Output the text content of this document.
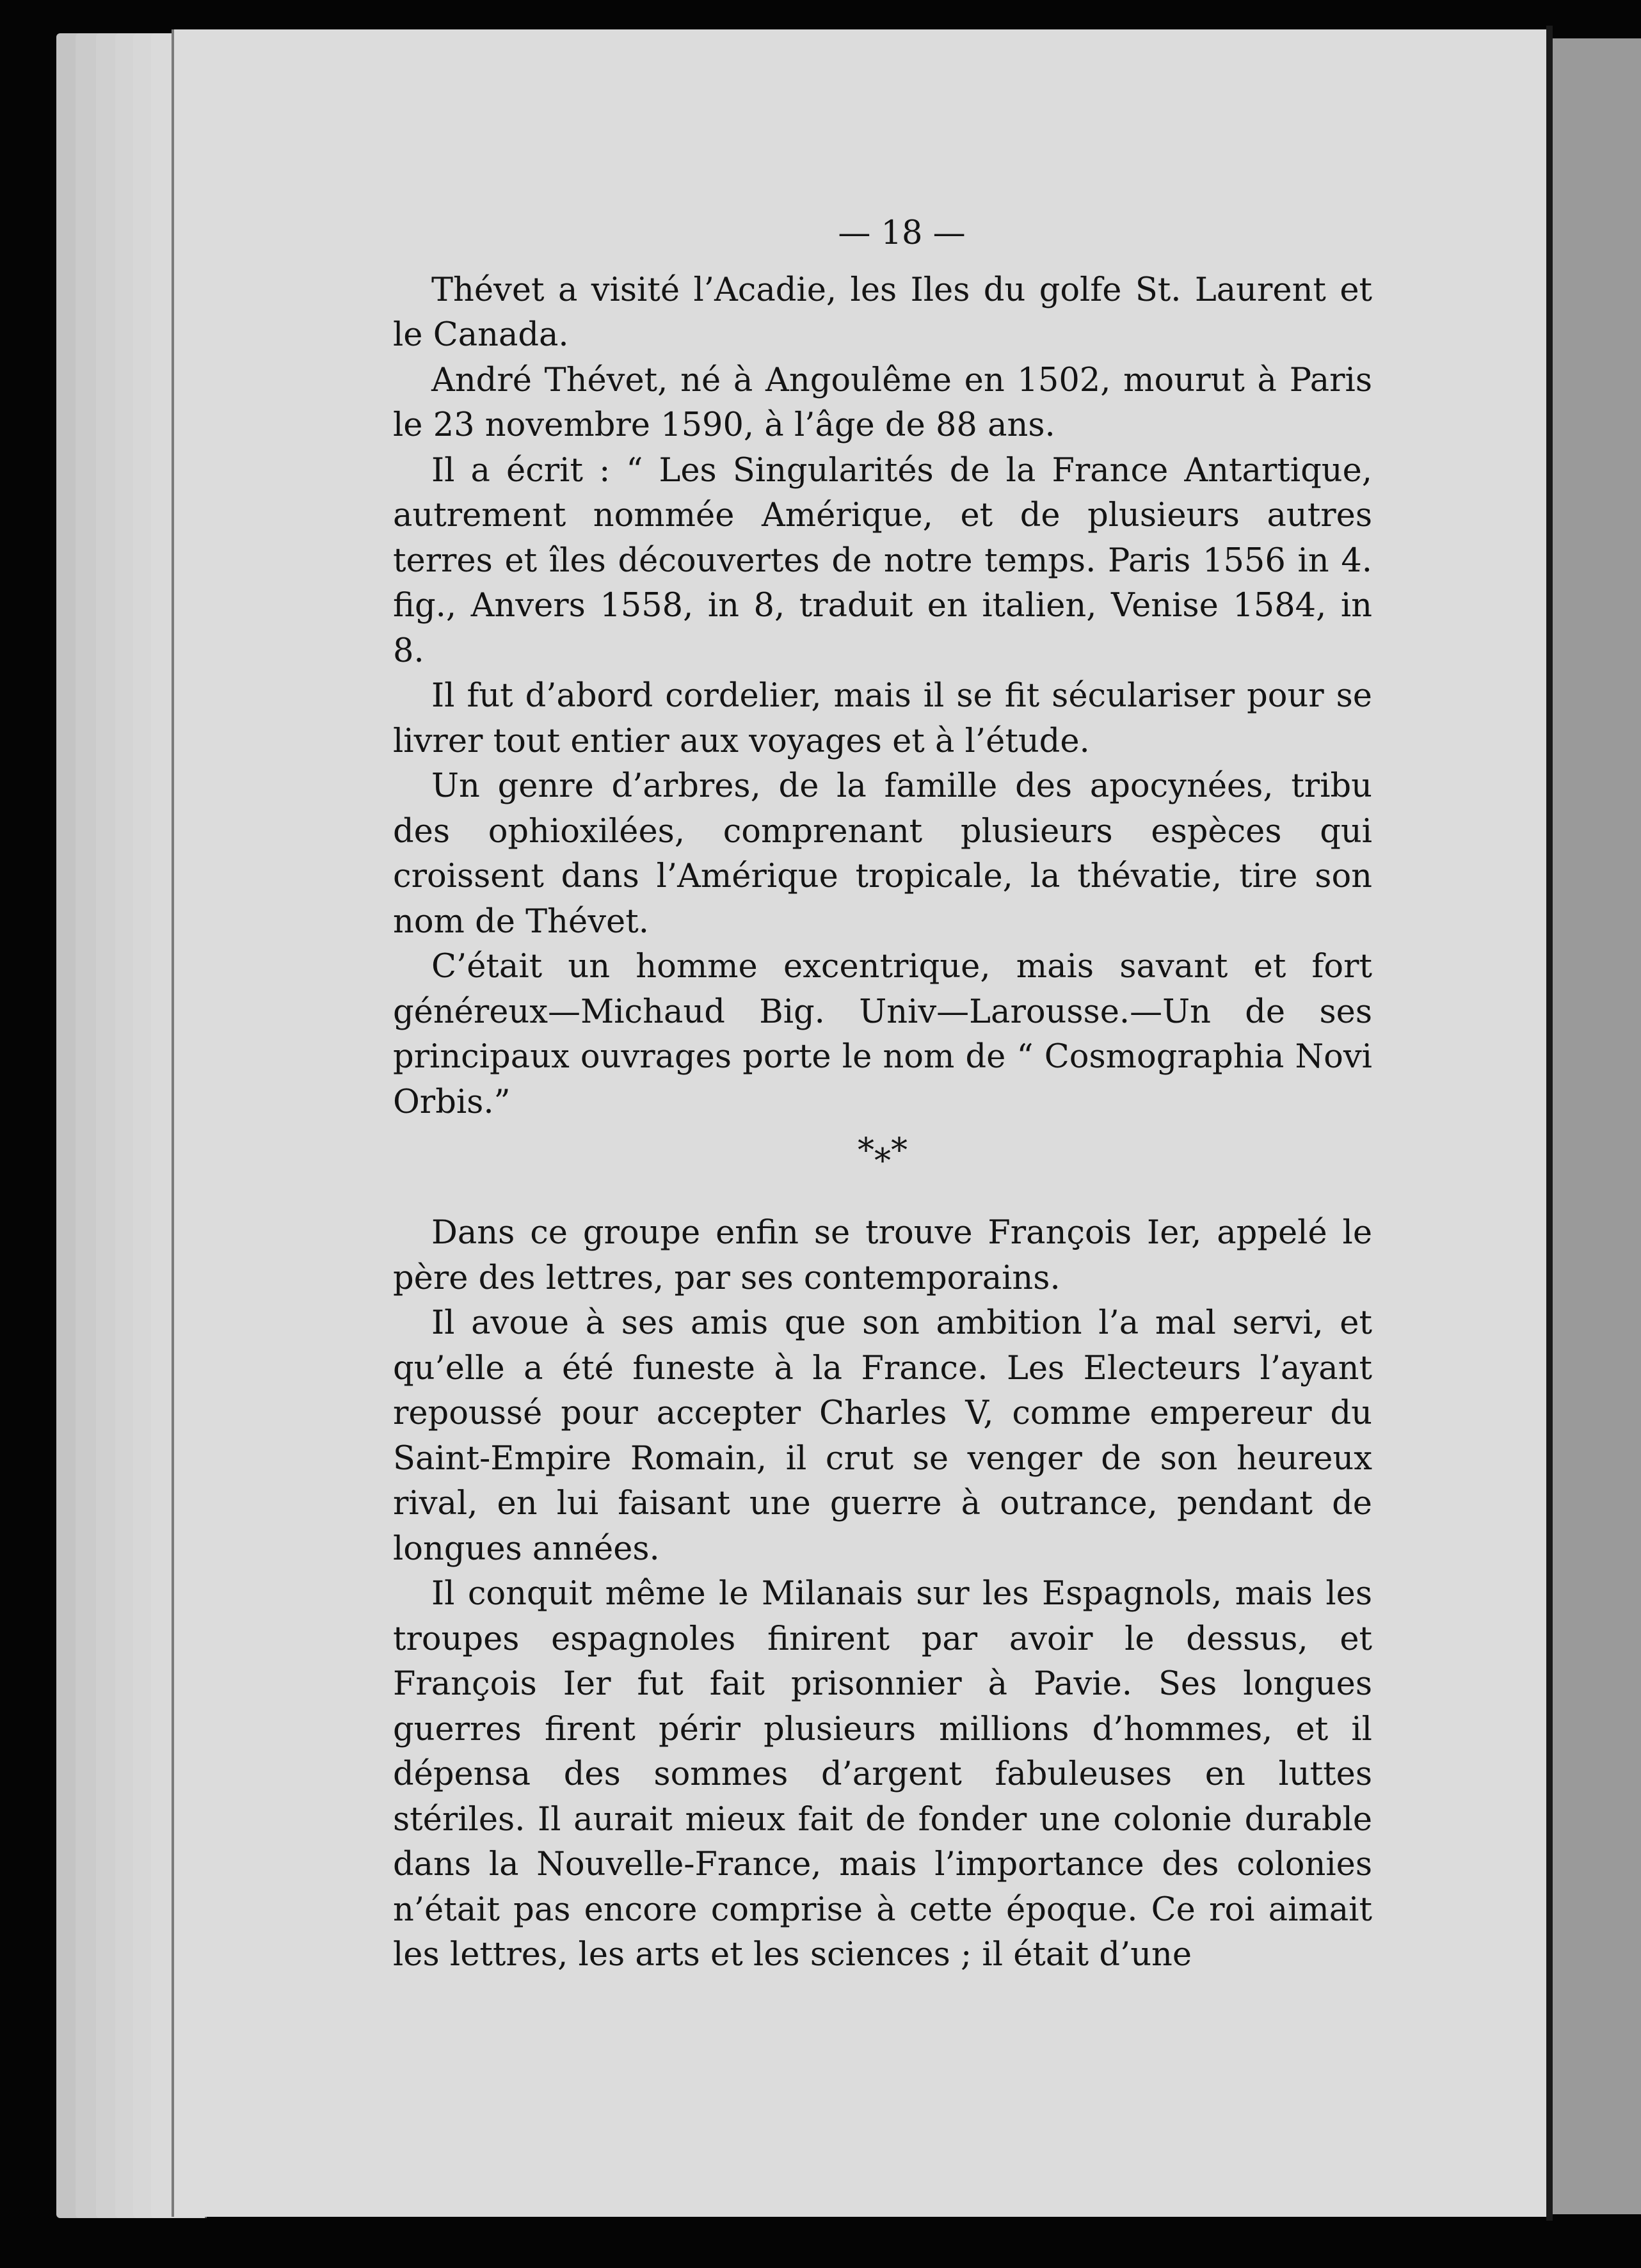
— 18 —

Thévet a visité l’Acadie, les Iles du golfe St. Laurent et le Canada.

André Thévet, né à Angoulême en 1502, mourut à Paris le 23 novembre 1590, à l’âge de 88 ans.

Il a écrit : “ Les Singularités de la France Antartique, autrement nommée Amérique, et de plusieurs autres terres et îles découvertes de notre temps. Paris 1556 in 4. fig., Anvers 1558, in 8, traduit en italien, Venise 1584, in 8.

Il fut d’abord cordelier, mais il se fit séculariser pour se livrer tout entier aux voyages et à l’étude.

Un genre d’arbres, de la famille des apocynées, tribu des ophioxilées, comprenant plusieurs espèces qui croissent dans l’Amérique tropicale, la thévatie, tire son nom de Thévet.

C’était un homme excentrique, mais savant et fort généreux—Michaud Big. Univ—Larousse.—Un de ses principaux ouvrages porte le nom de “ Cosmographia Novi Orbis.”

*⁎*

Dans ce groupe enfin se trouve François Ier, appelé le père des lettres, par ses contemporains.

Il avoue à ses amis que son ambition l’a mal servi, et qu’elle a été funeste à la France. Les Electeurs l’ayant repoussé pour accepter Charles V, comme empereur du Saint-Empire Romain, il crut se venger de son heureux rival, en lui faisant une guerre à outrance, pendant de longues années.

Il conquit même le Milanais sur les Espagnols, mais les troupes espagnoles finirent par avoir le dessus, et François Ier fut fait prisonnier à Pavie. Ses longues guerres firent périr plusieurs millions d’hommes, et il dépensa des sommes d’argent fabuleuses en luttes stériles. Il aurait mieux fait de fonder une colonie durable dans la Nouvelle-France, mais l’importance des colonies n’était pas encore comprise à cette époque. Ce roi aimait les lettres, les arts et les sciences ; il était d’une
